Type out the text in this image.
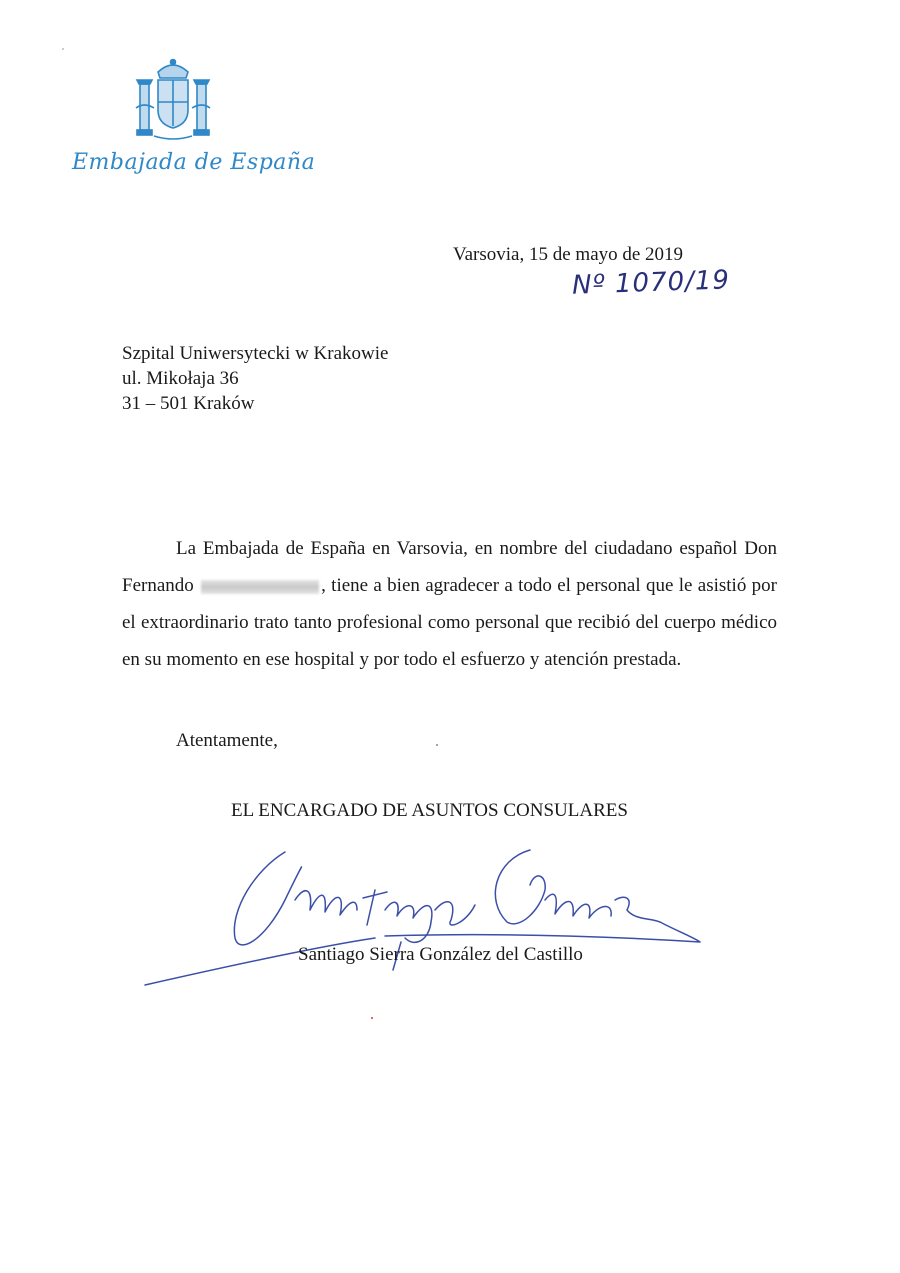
Embajada de España
Varsovia, 15 de mayo de 2019
Nº 1070/19
Szpital Uniwersytecki w Krakowie
ul. Mikołaja 36
31 – 501 Kraków
La Embajada de España en Varsovia, en nombre del ciudadano español Don Fernando	, tiene a bien agradecer a todo el personal que le asistió por el extraordinario trato tanto profesional como personal que recibió del cuerpo médico en su momento en ese hospital y por todo el esfuerzo y atención prestada.
Atentamente,
EL ENCARGADO DE ASUNTOS CONSULARES
Santiago Sierra González del Castillo
